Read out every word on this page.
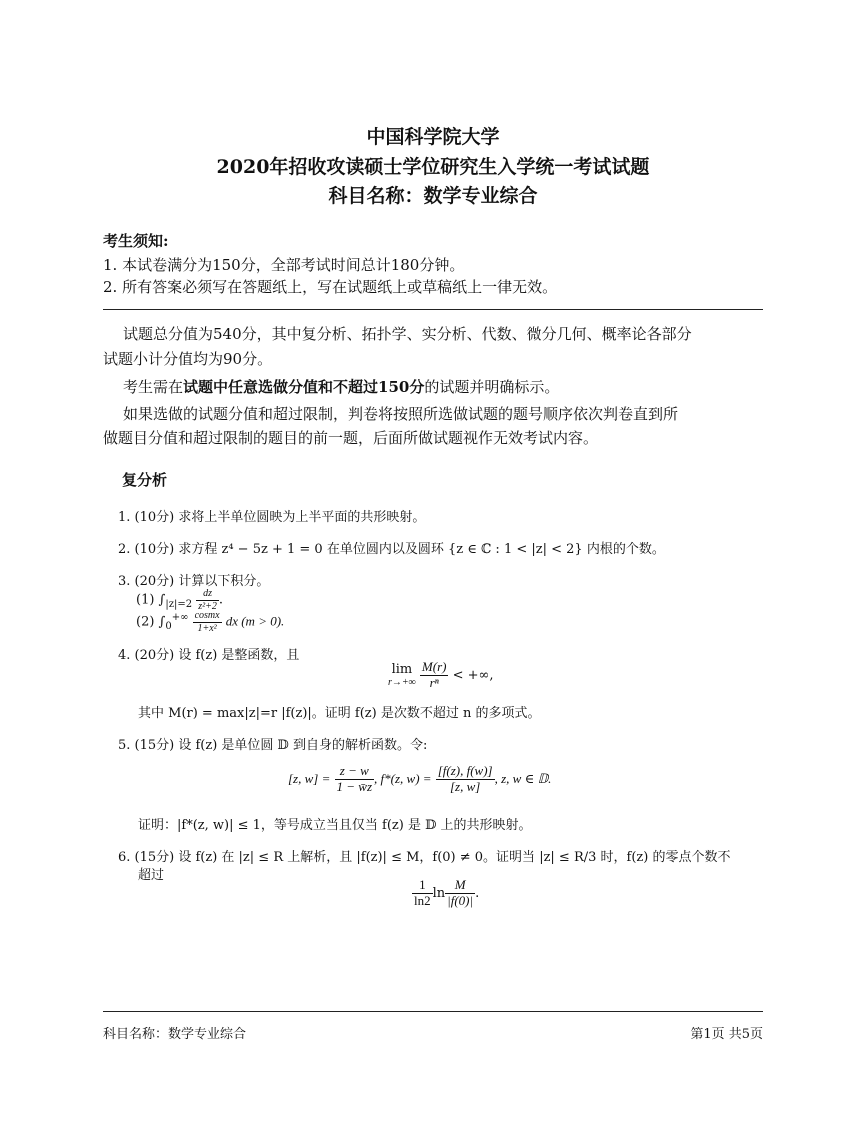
中国科学院大学
2020年招收攻读硕士学位研究生入学统一考试试题
科目名称：数学专业综合
考生须知:
1. 本试卷满分为150分，全部考试时间总计180分钟。
2. 所有答案必须写在答题纸上，写在试题纸上或草稿纸上一律无效。
试题总分值为540分，其中复分析、拓扑学、实分析、代数、微分几何、概率论各部分
试题小计分值均为90分。
考生需在试题中任意选做分值和不超过150分的试题并明确标示。
如果选做的试题分值和超过限制，判卷将按照所选做试题的题号顺序依次判卷直到所
做题目分值和超过限制的题目的前一题，后面所做试题视作无效考试内容。
复分析
1. (10分) 求将上半单位圆映为上半平面的共形映射。
2. (10分) 求方程 z⁴ − 5z + 1 = 0 在单位圆内以及圆环 {z ∈ ℂ : 1 < |z| < 2} 内根的个数。
3. (20分) 计算以下积分。
(1) $\int_{|z|=2} \frac{dz}{\text{z²+2}}$ .
(2) $\int_0^{+\infty} \frac{\text{cosmx}}{\text{1+x²}}$ dx (m > 0).
4. (20分) 设 f(z) 是整函数，且
lim
r→+∞
$\frac{M(r)}{\text{rⁿ}}$ < +∞,
其中 M(r) = max|z|=r |f(z)|。证明 f(z) 是次数不超过 n 的多项式。
5. (15分) 设 f(z) 是单位圆 𝔻 到自身的解析函数。令:
[z, $w] = \frac{z - w}{1 - w̄z}$ , f*(z, $w) = \frac{[f(z), f(w)]}{[z, w]}$ , z, w ∈ 𝔻.
证明：|f*(z, w)| ≤ 1，等号成立当且仅当 f(z) 是 𝔻 上的共形映射。
6. (15分) 设 f(z) 在 |z| ≤ R 上解析，且 |f(z)| ≤ M，f(0) ≠ 0。证明当 |z| ≤ R/3 时，f(z) 的零点个数不
超过
$\frac{1}{\ln 2}$ $\ln \frac{M}{|f(0)|}$ .
科目名称：数学专业综合	第1页 共5页
